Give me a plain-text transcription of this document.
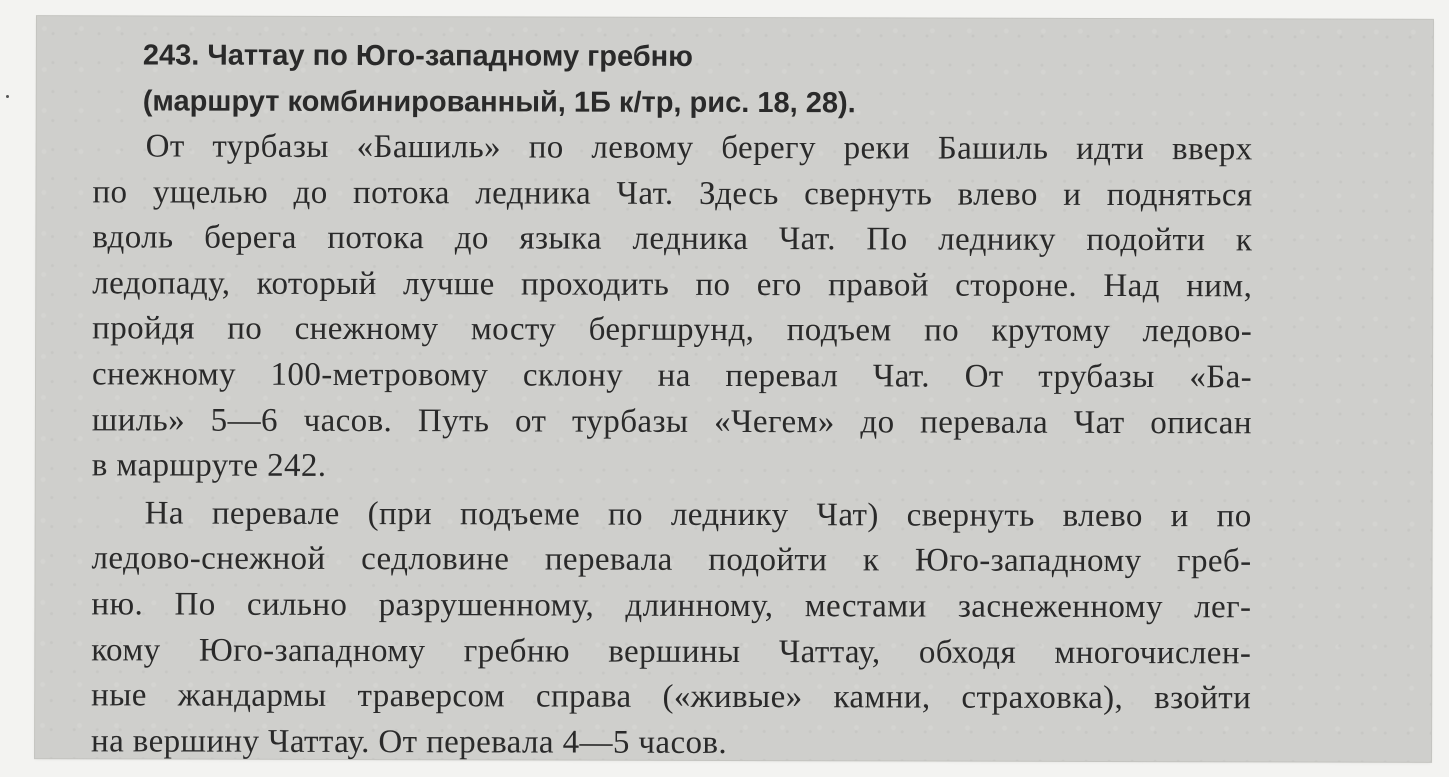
243. Чаттау по Юго-западному гребню
(маршрут комбинированный, 1Б к/тр, рис. 18, 28).
От турбазы «Башиль» по левому берегу реки Башиль идти вверх
по ущелью до потока ледника Чат. Здесь свернуть влево и подняться
вдоль берега потока до языка ледника Чат. По леднику подойти к
ледопаду, который лучше проходить по его правой стороне. Над ним,
пройдя по снежному мосту бергшрунд, подъем по крутому ледово-
снежному 100-метровому склону на перевал Чат. От трубазы «Ба-
шиль» 5—6 часов. Путь от турбазы «Чегем» до перевала Чат описан
в маршруте 242.
На перевале (при подъеме по леднику Чат) свернуть влево и по
ледово-снежной седловине перевала подойти к Юго-западному греб-
ню. По сильно разрушенному, длинному, местами заснеженному лег-
кому Юго-западному гребню вершины Чаттау, обходя многочислен-
ные жандармы траверсом справа («живые» камни, страховка), взойти
на вершину Чаттау. От перевала 4—5 часов.
